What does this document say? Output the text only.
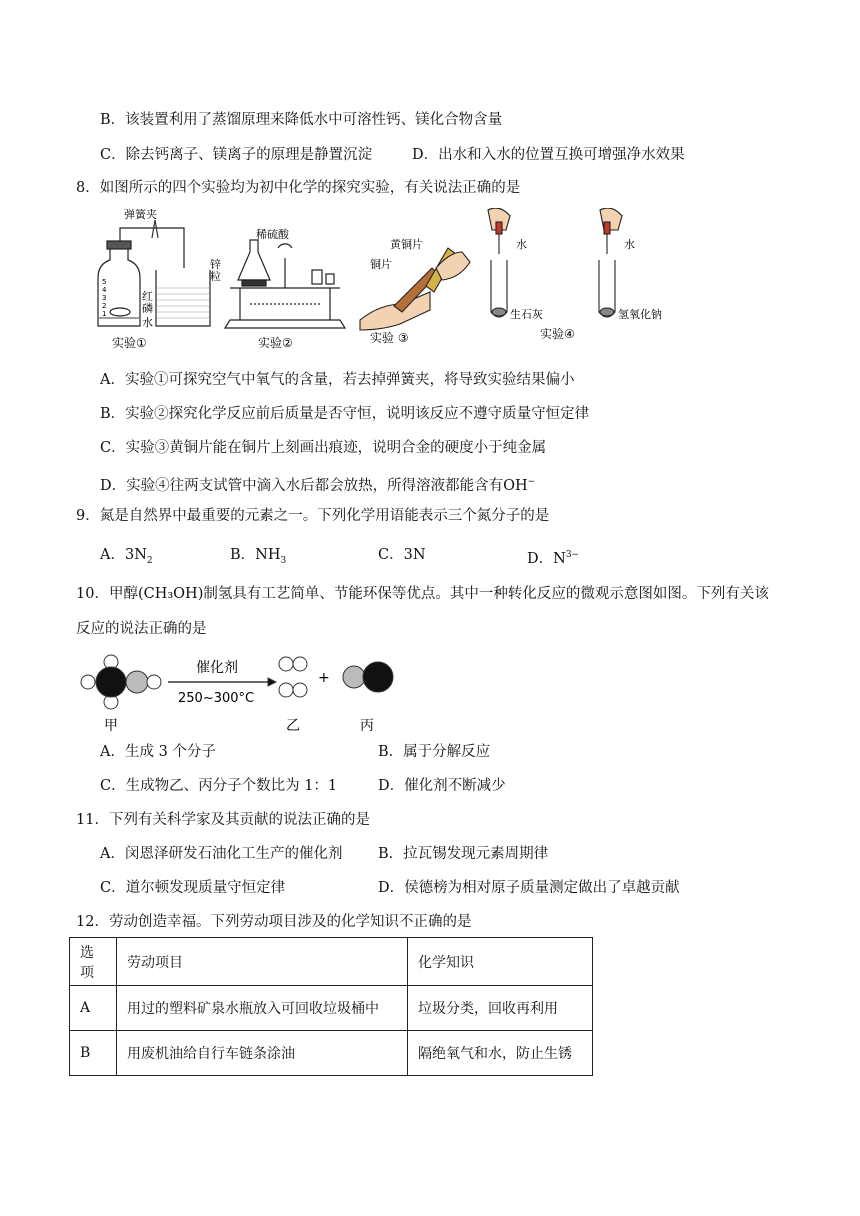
B．该装置利用了蒸馏原理来降低水中可溶性钙、镁化合物含量
C．除去钙离子、镁离子的原理是静置沉淀	D．出水和入水的位置互换可增强净水效果
8．如图所示的四个实验均为初中化学的探究实验，有关说法正确的是
弹簧夹
5
4
3
2
1
红
磷
水
实验①
稀硫酸
锌
粒
实验②
黄铜片
铜片
实验 ③
水	水
生石灰	氢氧化钠
实验④
A．实验①可探究空气中氧气的含量，若去掉弹簧夹，将导致实验结果偏小
B．实验②探究化学反应前后质量是否守恒，说明该反应不遵守质量守恒定律
C．实验③黄铜片能在铜片上刻画出痕迹，说明合金的硬度小于纯金属
D．实验④往两支试管中滴入水后都会放热，所得溶液都能含有OH−
9．氮是自然界中最重要的元素之一。下列化学用语能表示三个氮分子的是
A．$3N_2$	B．$NH_3$	C．3N	D．$N^{3-}$
10．甲醇(CH₃OH)制氢具有工艺简单、节能环保等优点。其中一种转化反应的微观示意图如图。下列有关该
反应的说法正确的是
催化剂
250~300°C
+
甲	乙	丙
A．生成 3 个分子	B．属于分解反应
C．生成物乙、丙分子个数比为 1：1	D．催化剂不断减少
11．下列有关科学家及其贡献的说法正确的是
A．闵恩泽研发石油化工生产的催化剂 B．拉瓦锡发现元素周期律
C．道尔顿发现质量守恒定律	D．侯德榜为相对原子质量测定做出了卓越贡献
12．劳动创造幸福。下列劳动项目涉及的化学知识不正确的是
选项	劳动项目	化学知识
A	用过的塑料矿泉水瓶放入可回收垃圾桶中	垃圾分类，回收再利用
B	用废机油给自行车链条涂油	隔绝氧气和水，防止生锈
